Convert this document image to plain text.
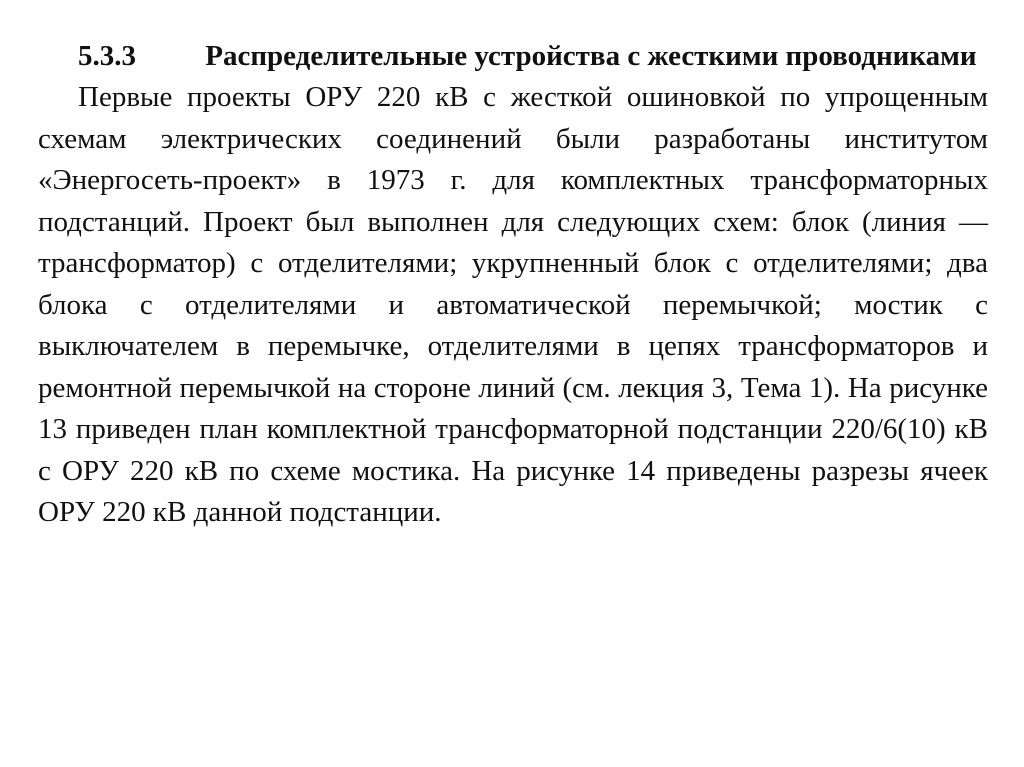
5.3.3 Распределительные устройства с жесткими проводниками

Первые проекты ОРУ 220 кВ с жесткой ошиновкой по упрощенным схемам электрических соединений были разработаны институтом «Энергосеть-проект» в 1973 г. для комплектных трансформаторных подстанций. Проект был выполнен для следующих схем: блок (линия — трансформатор) с отделителями; укрупненный блок с отделителями; два блока с отделителями и автоматической перемычкой; мостик с выключателем в перемычке, отделителями в цепях трансформаторов и ремонтной перемычкой на стороне линий (см. лекция 3, Тема 1). На рисунке 13 приведен план комплектной трансформаторной подстанции 220/6(10) кВ с ОРУ 220 кВ по схеме мостика. На рисунке 14 приведены разрезы ячеек ОРУ 220 кВ данной подстанции.
